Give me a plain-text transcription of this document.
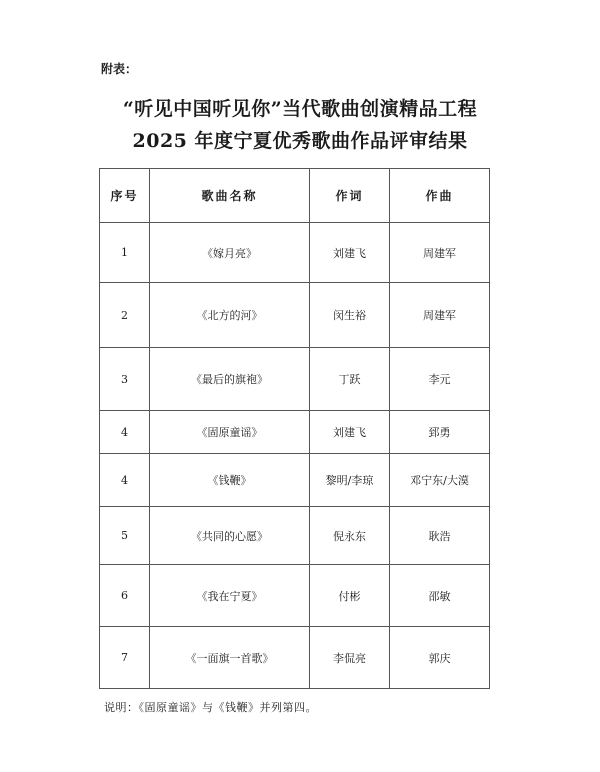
附表：
“听见中国听见你”当代歌曲创演精品工程
2025 年度宁夏优秀歌曲作品评审结果
序号	歌曲名称	作词	作曲
1	《嫁月亮》	刘建飞	周建军
2	《北方的河》	闵生裕	周建军
3	《最后的旗袍》	丁跃	李元
4	《固原童谣》	刘建飞	郅勇
4	《钱鞭》	黎明/李琼	邓宁东/大漠
5	《共同的心愿》	倪永东	耿浩
6	《我在宁夏》	付彬	邵敏
7	《一面旗一首歌》	李侃亮	郭庆
说明：《固原童谣》与《钱鞭》并列第四。
